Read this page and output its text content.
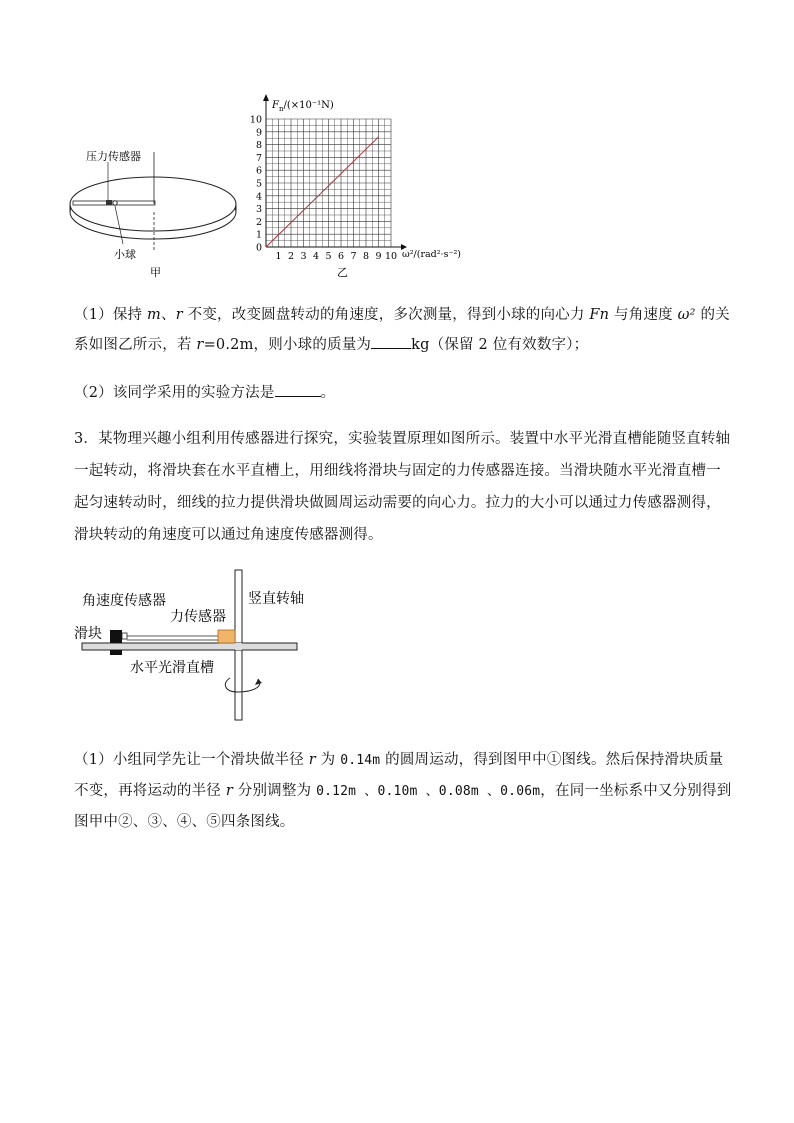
压力传感器
小球
甲
0
1
2
3
4
5
6
7
8
9
10
1 2 3 4 5 6 7 8 9 10
$F_n/(\times 10^{-1}N)$
ω²/(rad²·s⁻²)
乙
（1）保持 m、r 不变，改变圆盘转动的角速度，多次测量，得到小球的向心力 Fn 与角速度 ω² 的关系如图乙所示，若 r=0.2m，则小球的质量为	kg（保留 2 位有效数字）；
（2）该同学采用的实验方法是	。
3．某物理兴趣小组利用传感器进行探究，实验装置原理如图所示。装置中水平光滑直槽能随竖直转轴一起转动，将滑块套在水平直槽上，用细线将滑块与固定的力传感器连接。当滑块随水平光滑直槽一起匀速转动时，细线的拉力提供滑块做圆周运动需要的向心力。拉力的大小可以通过力传感器测得，滑块转动的角速度可以通过角速度传感器测得。
角速度传感器
力传感器
竖直转轴
滑块
水平光滑直槽
（1）小组同学先让一个滑块做半径 r 为 0.14m 的圆周运动，得到图甲中①图线。然后保持滑块质量不变，再将运动的半径 r 分别调整为 0.12m 、0.10m 、0.08m 、0.06m，在同一坐标系中又分别得到图甲中②、③、④、⑤四条图线。
